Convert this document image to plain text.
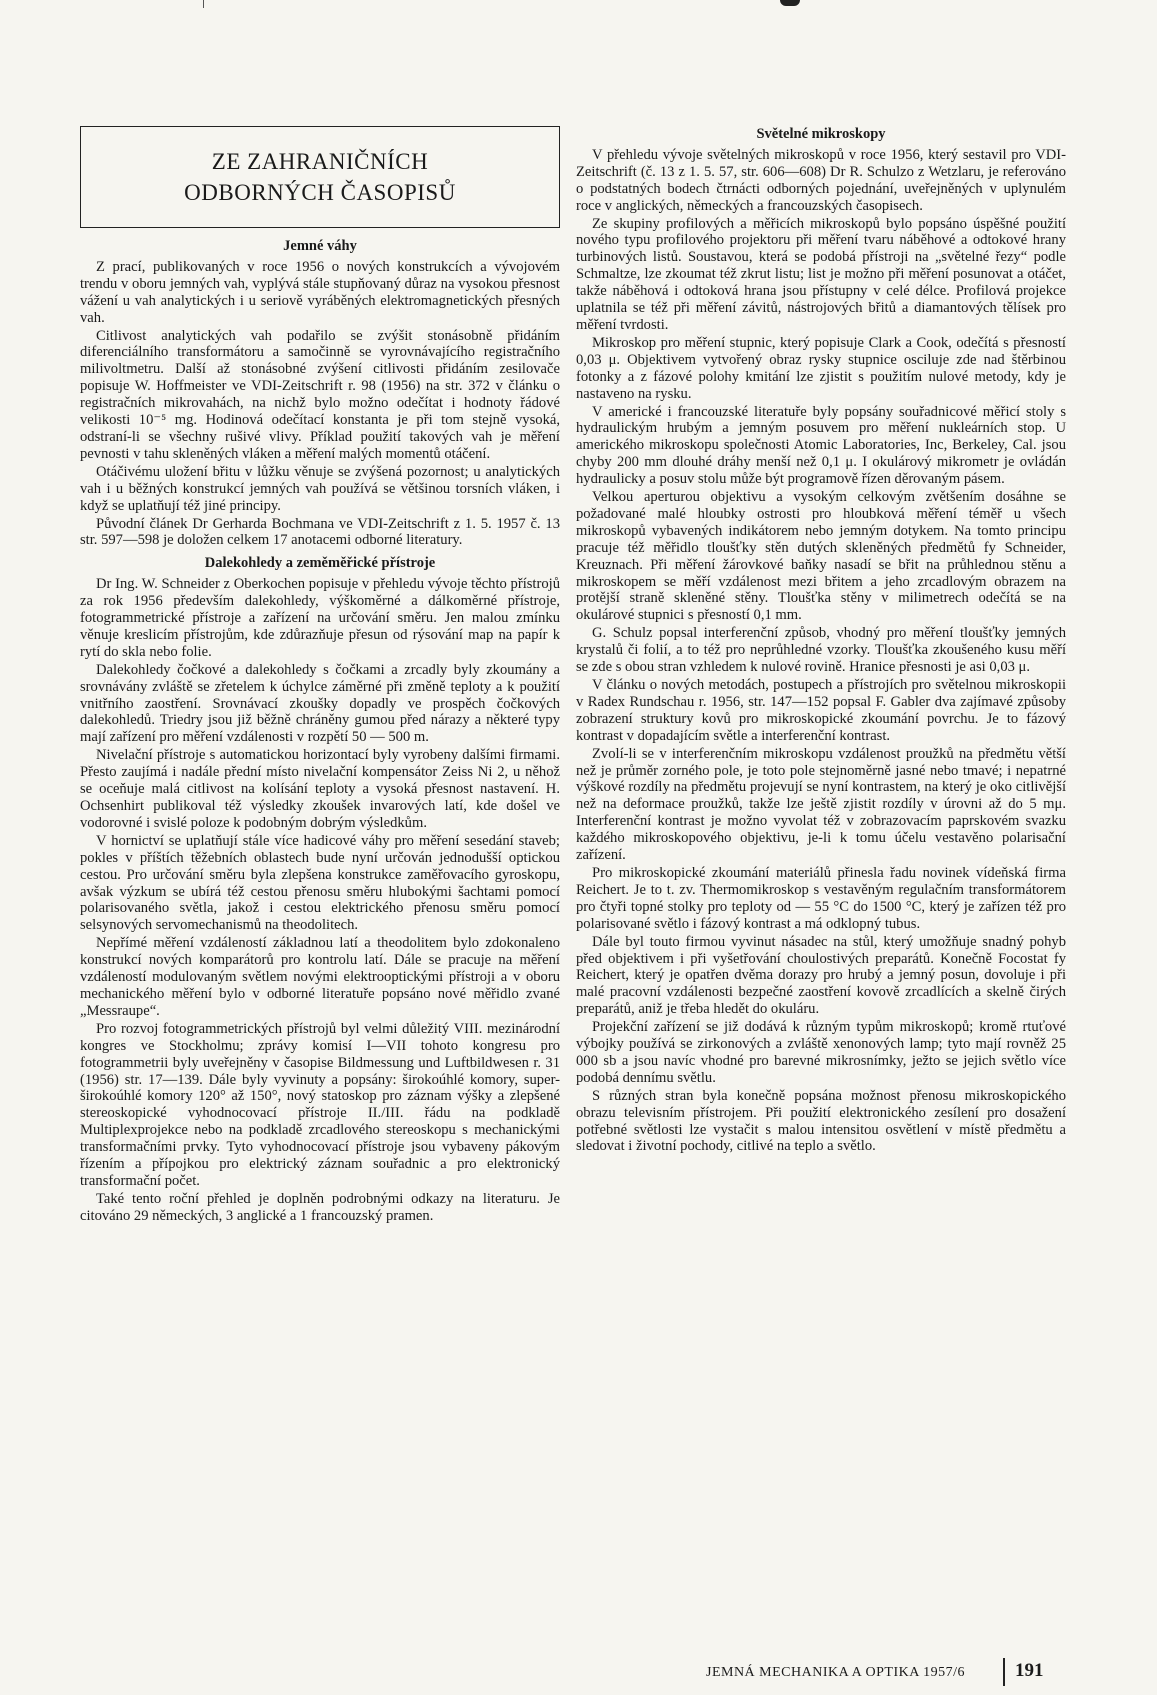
ZE ZAHRANIČNÍCH
ODBORNÝCH ČASOPISŮ
Jemné váhy

Z prací, publikovaných v roce 1956 o nových konstrukcích a vývojovém trendu v oboru jemných vah, vyplývá stále stupňovaný důraz na vysokou přesnost vážení u vah analytických i u seriově vyráběných elektromagnetických přesných vah.

Citlivost analytických vah podařilo se zvýšit stonásobně přidáním diferenciálního transformátoru a samočinně se vyrovnávajícího registračního milivoltmetru. Další až stonásobné zvýšení citlivosti přidáním zesilovače popisuje W. Hoffmeister ve VDI-Zeitschrift r. 98 (1956) na str. 372 v článku o registračních mikrovahách, na nichž bylo možno odečítat i hodnoty řádové velikosti 10⁻⁵ mg. Hodinová odečítací konstanta je při tom stejně vysoká, odstraní-li se všechny rušivé vlivy. Příklad použití takových vah je měření pevnosti v tahu skleněných vláken a měření malých momentů otáčení.

Otáčivému uložení břitu v lůžku věnuje se zvýšená pozornost; u analytických vah i u běžných konstrukcí jemných vah používá se většinou torsních vláken, i když se uplatňují též jiné principy.

Původní článek Dr Gerharda Bochmana ve VDI-Zeitschrift z 1. 5. 1957 č. 13 str. 597—598 je doložen celkem 17 anotacemi odborné literatury.

Dalekohledy a zeměměřické přístroje

Dr Ing. W. Schneider z Oberkochen popisuje v přehledu vývoje těchto přístrojů za rok 1956 především dalekohledy, výškoměrné a dálkoměrné přístroje, fotogrammetrické přístroje a zařízení na určování směru. Jen malou zmínku věnuje kreslicím přístrojům, kde zdůrazňuje přesun od rýsování map na papír k rytí do skla nebo folie.

Dalekohledy čočkové a dalekohledy s čočkami a zrcadly byly zkoumány a srovnávány zvláště se zřetelem k úchylce záměrné při změně teploty a k použití vnitřního zaostření. Srovnávací zkoušky dopadly ve prospěch čočkových dalekohledů. Triedry jsou již běžně chráněny gumou před nárazy a některé typy mají zařízení pro měření vzdálenosti v rozpětí 50 — 500 m.

Nivelační přístroje s automatickou horizontací byly vyrobeny dalšími firmami. Přesto zaujímá i nadále přední místo nivelační kompensátor Zeiss Ni 2, u něhož se oceňuje malá citlivost na kolísání teploty a vysoká přesnost nastavení. H. Ochsenhirt publikoval též výsledky zkoušek invarových latí, kde došel ve vodorovné i svislé poloze k podobným dobrým výsledkům.

V hornictví se uplatňují stále více hadicové váhy pro měření sesedání staveb; pokles v příštích těžebních oblastech bude nyní určován jednodušší optickou cestou. Pro určování směru byla zlepšena konstrukce zaměřovacího gyroskopu, avšak výzkum se ubírá též cestou přenosu směru hlubokými šachtami pomocí polarisovaného světla, jakož i cestou elektrického přenosu směru pomocí selsynových servomechanismů na theodolitech.

Nepřímé měření vzdáleností základnou latí a theodolitem bylo zdokonaleno konstrukcí nových komparátorů pro kontrolu latí. Dále se pracuje na měření vzdáleností modulovaným světlem novými elektrooptickými přístroji a v oboru mechanického měření bylo v odborné literatuře popsáno nové měřidlo zvané „Messraupe“.

Pro rozvoj fotogrammetrických přístrojů byl velmi důležitý VIII. mezinárodní kongres ve Stockholmu; zprávy komisí I—VII tohoto kongresu pro fotogrammetrii byly uveřejněny v časopise Bildmessung und Luftbildwesen r. 31 (1956) str. 17—139. Dále byly vyvinuty a popsány: širokoúhlé komory, super-širokoúhlé komory 120° až 150°, nový statoskop pro záznam výšky a zlepšené stereoskopické vyhodnocovací přístroje II./III. řádu na podkladě Multiplexprojekce nebo na podkladě zrcadlového stereoskopu s mechanickými transformačními prvky. Tyto vyhodnocovací přístroje jsou vybaveny pákovým řízením a přípojkou pro elektrický záznam souřadnic a pro elektronický transformační počet.

Také tento roční přehled je doplněn podrobnými odkazy na literaturu. Je citováno 29 německých, 3 anglické a 1 francouzský pramen.

Světelné mikroskopy

V přehledu vývoje světelných mikroskopů v roce 1956, který sestavil pro VDI-Zeitschrift (č. 13 z 1. 5. 57, str. 606—608) Dr R. Schulzo z Wetzlaru, je referováno o podstatných bodech čtrnácti odborných pojednání, uveřejněných v uplynulém roce v anglických, německých a francouzských časopisech.

Ze skupiny profilových a měřicích mikroskopů bylo popsáno úspěšné použití nového typu profilového projektoru při měření tvaru náběhové a odtokové hrany turbinových listů. Soustavou, která se podobá přístroji na „světelné řezy“ podle Schmaltze, lze zkoumat též zkrut listu; list je možno při měření posunovat a otáčet, takže náběhová i odtoková hrana jsou přístupny v celé délce. Profilová projekce uplatnila se též při měření závitů, nástrojových břitů a diamantových tělísek pro měření tvrdosti.

Mikroskop pro měření stupnic, který popisuje Clark a Cook, odečítá s přesností 0,03 μ. Objektivem vytvořený obraz rysky stupnice osciluje zde nad štěrbinou fotonky a z fázové polohy kmitání lze zjistit s použitím nulové metody, kdy je nastaveno na rysku.

V americké i francouzské literatuře byly popsány souřadnicové měřicí stoly s hydraulickým hrubým a jemným posuvem pro měření nukleárních stop. U amerického mikroskopu společnosti Atomic Laboratories, Inc, Berkeley, Cal. jsou chyby 200 mm dlouhé dráhy menší než 0,1 μ. I okulárový mikrometr je ovládán hydraulicky a posuv stolu může být programově řízen děrovaným pásem.

Velkou aperturou objektivu a vysokým celkovým zvětšením dosáhne se požadované malé hloubky ostrosti pro hloubková měření téměř u všech mikroskopů vybavených indikátorem nebo jemným dotykem. Na tomto principu pracuje též měřidlo tloušťky stěn dutých skleněných předmětů fy Schneider, Kreuznach. Při měření žárovkové baňky nasadí se břit na průhlednou stěnu a mikroskopem se měří vzdálenost mezi břitem a jeho zrcadlovým obrazem na protější straně skleněné stěny. Tloušťka stěny v milimetrech odečítá se na okulárové stupnici s přesností 0,1 mm.

G. Schulz popsal interferenční způsob, vhodný pro měření tloušťky jemných krystalů či folií, a to též pro neprůhledné vzorky. Tloušťka zkoušeného kusu měří se zde s obou stran vzhledem k nulové rovině. Hranice přesnosti je asi 0,03 μ.

V článku o nových metodách, postupech a přístrojích pro světelnou mikroskopii v Radex Rundschau r. 1956, str. 147—152 popsal F. Gabler dva zajímavé způsoby zobrazení struktury kovů pro mikroskopické zkoumání povrchu. Je to fázový kontrast v dopadajícím světle a interferenční kontrast.

Zvolí-li se v interferenčním mikroskopu vzdálenost proužků na předmětu větší než je průměr zorného pole, je toto pole stejnoměrně jasné nebo tmavé; i nepatrné výškové rozdíly na předmětu projevují se nyní kontrastem, na který je oko citlivější než na deformace proužků, takže lze ještě zjistit rozdíly v úrovni až do 5 mμ. Interferenční kontrast je možno vyvolat též v zobrazovacím paprskovém svazku každého mikroskopového objektivu, je-li k tomu účelu vestavěno polarisační zařízení.

Pro mikroskopické zkoumání materiálů přinesla řadu novinek vídeňská firma Reichert. Je to t. zv. Thermomikroskop s vestavěným regulačním transformátorem pro čtyři topné stolky pro teploty od — 55 °C do 1500 °C, který je zařízen též pro polarisované světlo i fázový kontrast a má odklopný tubus.

Dále byl touto firmou vyvinut násadec na stůl, který umožňuje snadný pohyb před objektivem i při vyšetřování choulostivých preparátů. Konečně Focostat fy Reichert, který je opatřen dvěma dorazy pro hrubý a jemný posun, dovoluje i při malé pracovní vzdálenosti bezpečné zaostření kovově zrcadlících a skelně čirých preparátů, aniž je třeba hledět do okuláru.

Projekční zařízení se již dodává k různým typům mikroskopů; kromě rtuťové výbojky používá se zirkonových a zvláště xenonových lamp; tyto mají rovněž 25 000 sb a jsou navíc vhodné pro barevné mikrosnímky, ježto se jejich světlo více podobá dennímu světlu.

S různých stran byla konečně popsána možnost přenosu mikroskopického obrazu televisním přístrojem. Při použití elektronického zesílení pro dosažení potřebné světlosti lze vystačit s malou intensitou osvětlení v místě předmětu a sledovat i životní pochody, citlivé na teplo a světlo.

JEMNÁ MECHANIKA A OPTIKA 1957/6	191
